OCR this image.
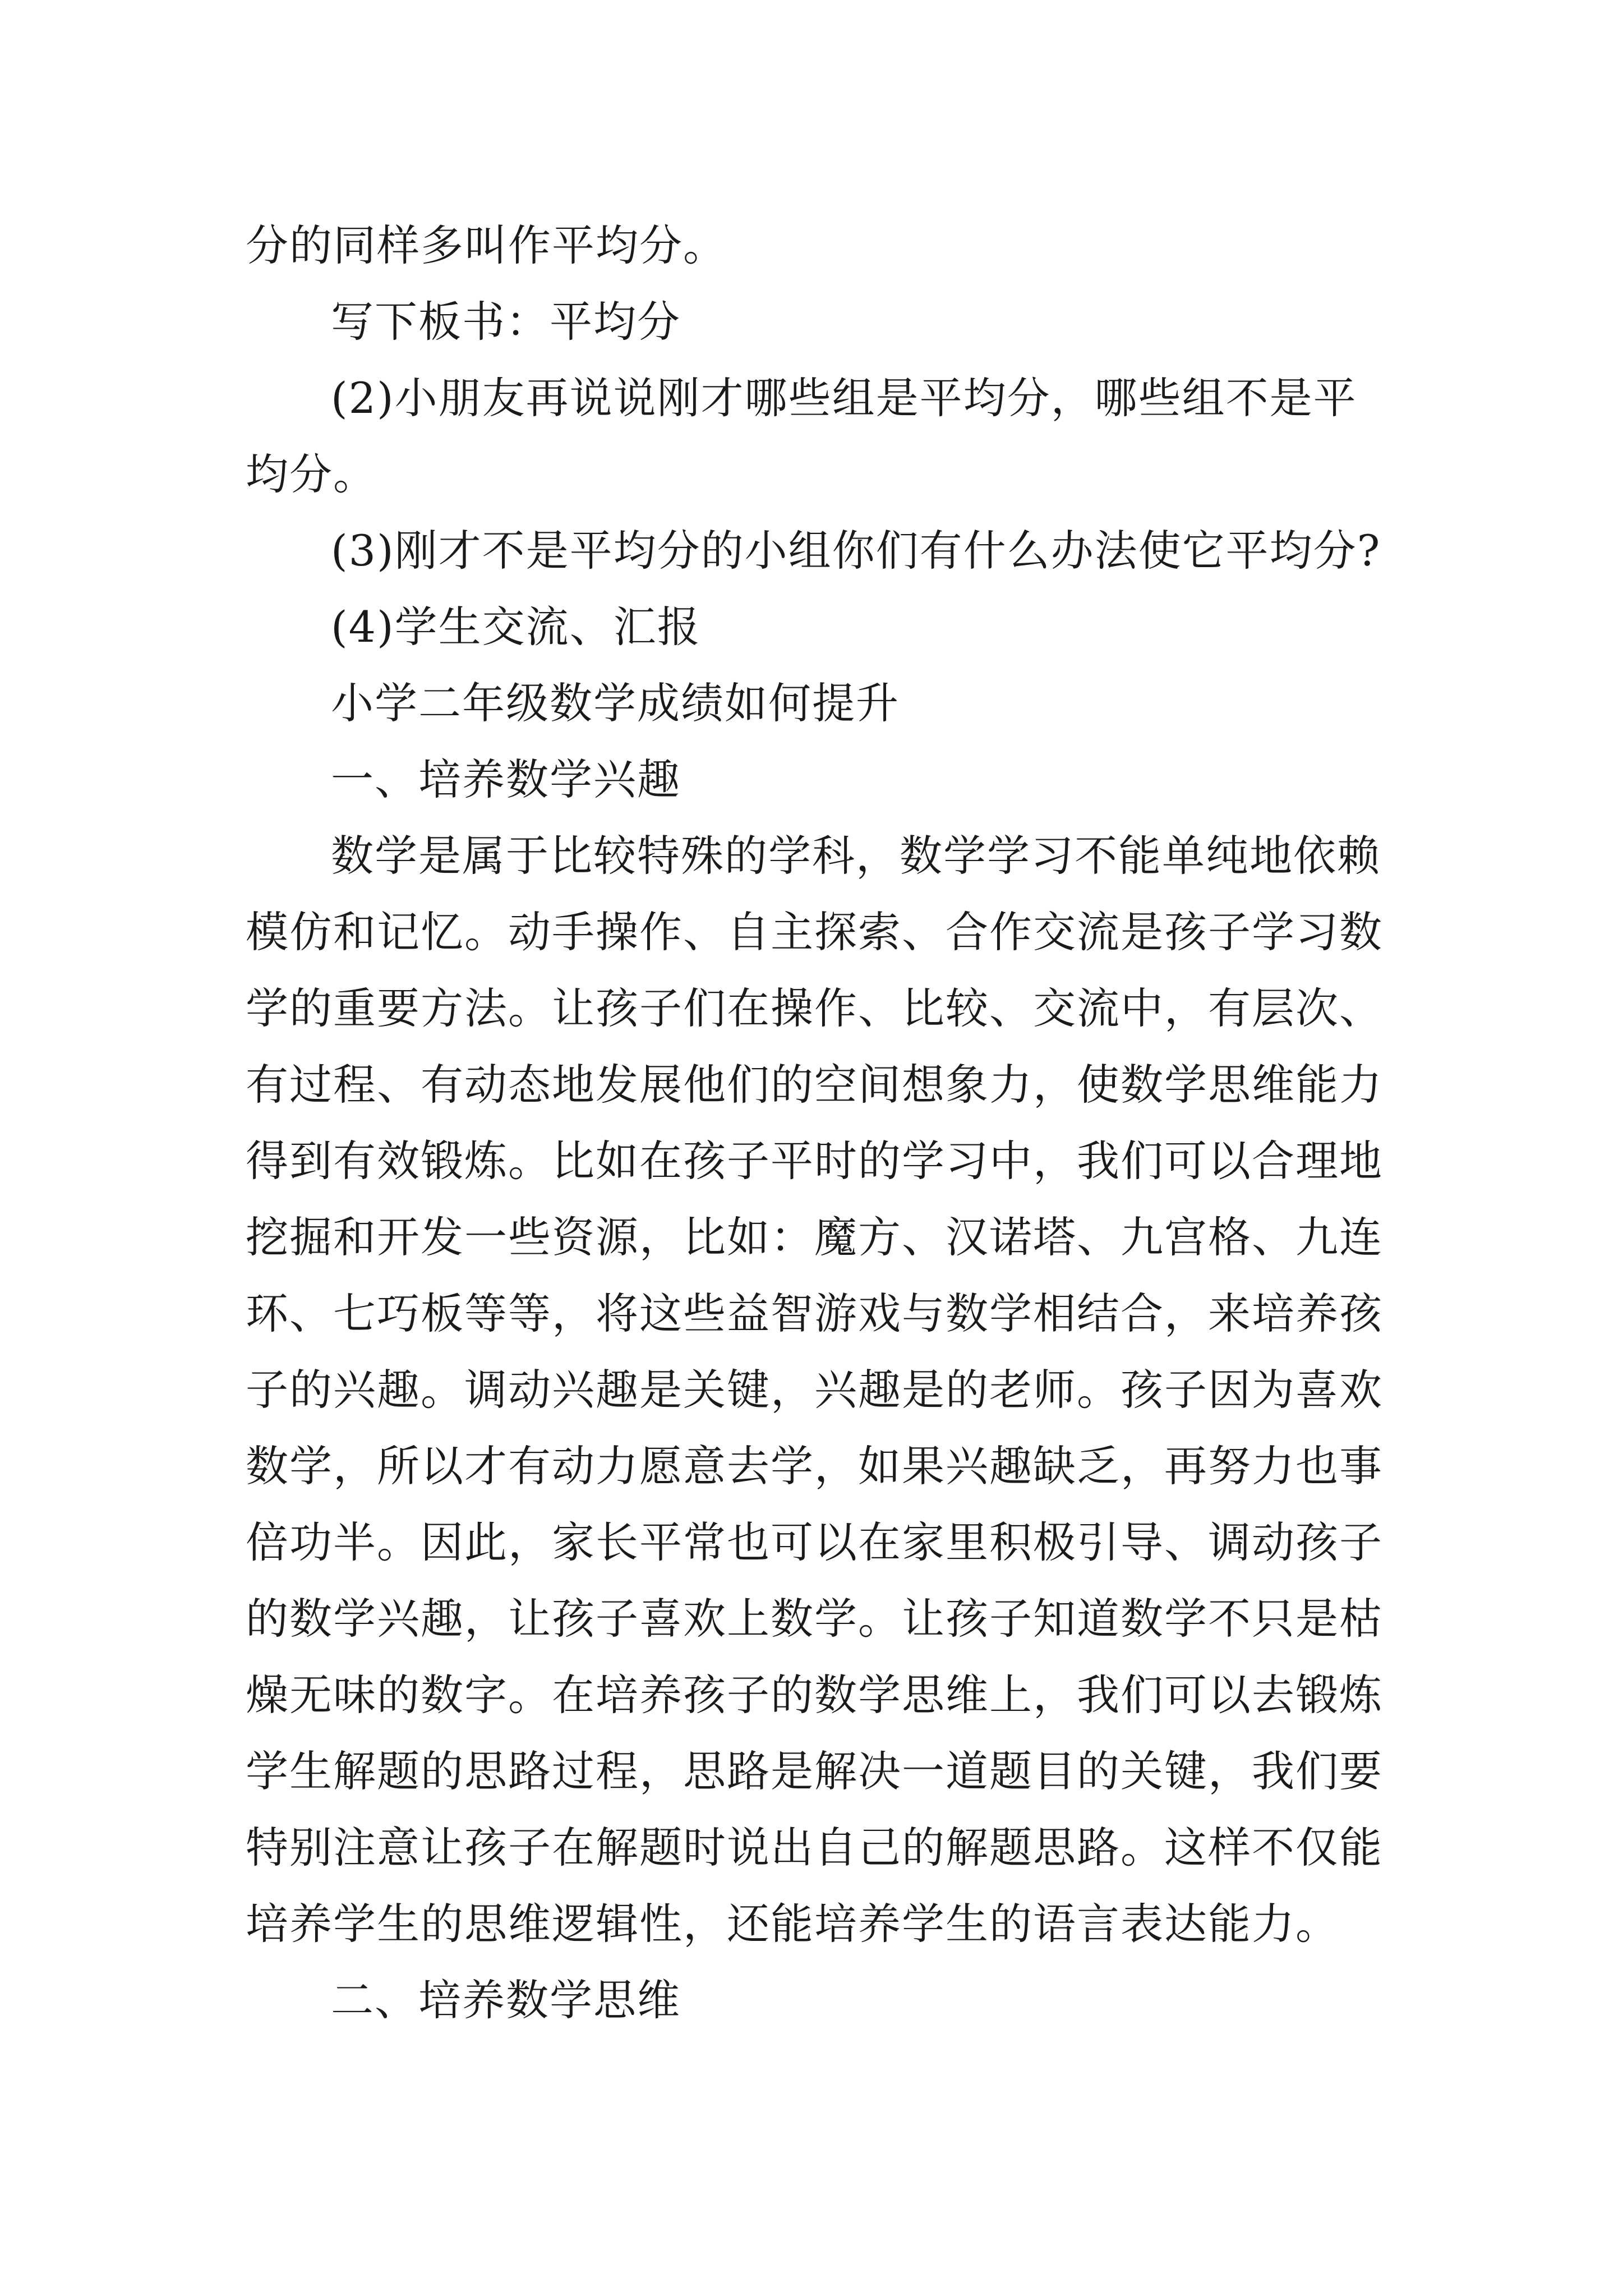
分的同样多叫作平均分。
写下板书：平均分
(2)小朋友再说说刚才哪些组是平均分，哪些组不是平
均分。
(3)刚才不是平均分的小组你们有什么办法使它平均分?
(4)学生交流、汇报
小学二年级数学成绩如何提升
一、培养数学兴趣
数学是属于比较特殊的学科，数学学习不能单纯地依赖
模仿和记忆。动手操作、自主探索、合作交流是孩子学习数
学的重要方法。让孩子们在操作、比较、交流中，有层次、
有过程、有动态地发展他们的空间想象力，使数学思维能力
得到有效锻炼。比如在孩子平时的学习中，我们可以合理地
挖掘和开发一些资源，比如：魔方、汉诺塔、九宫格、九连
环、七巧板等等，将这些益智游戏与数学相结合，来培养孩
子的兴趣。调动兴趣是关键，兴趣是的老师。孩子因为喜欢
数学，所以才有动力愿意去学，如果兴趣缺乏，再努力也事
倍功半。因此，家长平常也可以在家里积极引导、调动孩子
的数学兴趣，让孩子喜欢上数学。让孩子知道数学不只是枯
燥无味的数字。在培养孩子的数学思维上，我们可以去锻炼
学生解题的思路过程，思路是解决一道题目的关键，我们要
特别注意让孩子在解题时说出自己的解题思路。这样不仅能
培养学生的思维逻辑性，还能培养学生的语言表达能力。
二、培养数学思维
